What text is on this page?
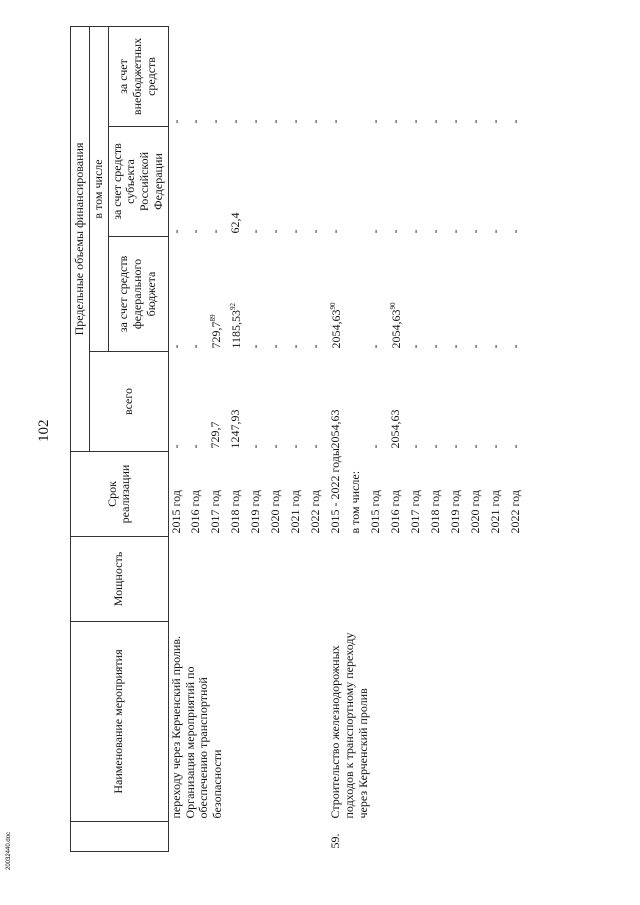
102
20032440.doc
	Наименование мероприятия	Мощность	Срок реализации	Предельные объемы финансирования			
				всего	в том числе		
					за счет средств федерального бюджета	за счет средств субъекта Российской Федерации	за счет внебюджетных средств

	переходу через Керченский пролив. Организация мероприятий по обеспечению транспортной безопасности		2015 год	-	-	-	-
			2016 год	-	-	-	-
			2017 год	729,7	729,7$^{89}$	-	-
			2018 год	1247,93	1185,53$^{92}$	62,4	-
			2019 год	-	-	-	-
			2020 год	-	-	-	-
			2021 год	-	-	-	-
			2022 год	-	-	-	-
59.	Строительство железнодорожных подходов к транспортному переходу через Керченский пролив		2015 - 2022 годы	2054,63	2054,63$^{90}$	-	-
			в том числе:				
			2015 год	-	-	-	-
			2016 год	2054,63	2054,63$^{90}$	-	-
			2017 год	-	-	-	-
			2018 год	-	-	-	-
			2019 год	-	-	-	-
			2020 год	-	-	-	-
			2021 год	-	-	-	-
			2022 год	-	-	-	-
